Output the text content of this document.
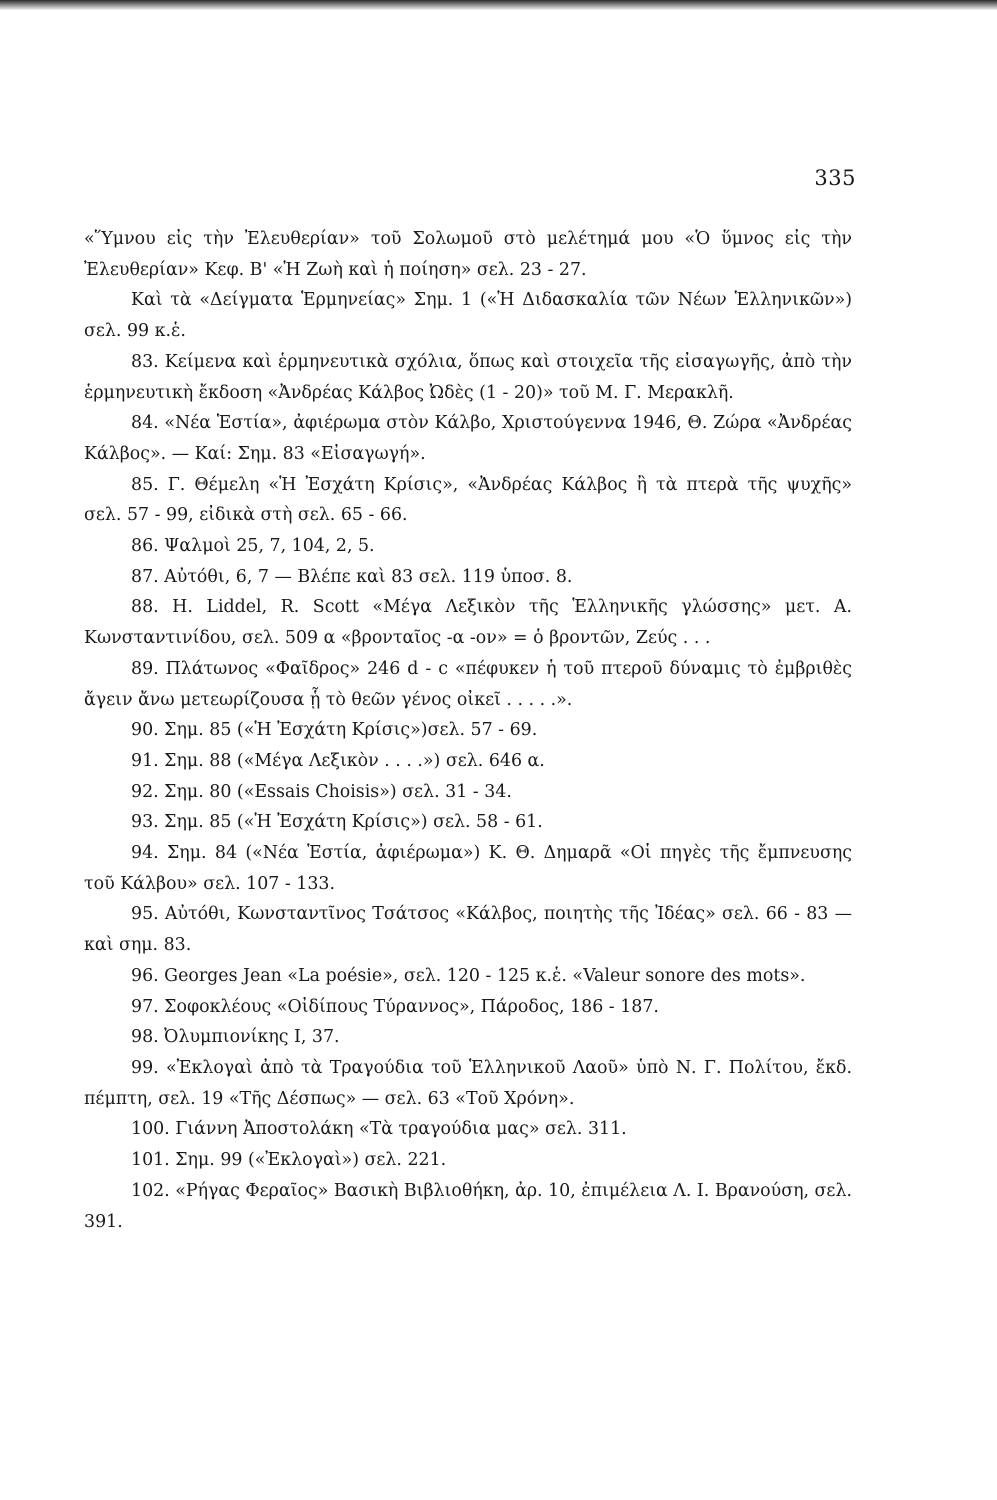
335

«Ὕμνου εἰς τὴν Ἐλευθερίαν» τοῦ Σολωμοῦ στὸ μελέτημά μου «Ὁ ὕμνος εἰς τὴν Ἐλευθερίαν» Κεφ. Β' «Ἡ Ζωὴ καὶ ἡ ποίηση» σελ. 23 - 27.

Καὶ τὰ «Δείγματα Ἑρμηνείας» Σημ. 1 («Ἡ Διδασκαλία τῶν Νέων Ἑλληνικῶν») σελ. 99 κ.ἑ.

83. Κείμενα καὶ ἑρμηνευτικὰ σχόλια, ὅπως καὶ στοιχεῖα τῆς εἰσαγωγῆς, ἀπὸ τὴν ἑρμηνευτικὴ ἔκδοση «Ἀνδρέας Κάλβος Ὠδὲς (1 - 20)» τοῦ Μ. Γ. Μερακλῆ.

84. «Νέα Ἑστία», ἀφιέρωμα στὸν Κάλβο, Χριστούγεννα 1946, Θ. Ζώρα «Ἀνδρέας Κάλβος». — Καί: Σημ. 83 «Εἰσαγωγή».

85. Γ. Θέμελη «Ἡ Ἐσχάτη Κρίσις», «Ἀνδρέας Κάλβος ἢ τὰ πτερὰ τῆς ψυχῆς» σελ. 57 - 99, εἰδικὰ στὴ σελ. 65 - 66.

86. Ψαλμοὶ 25, 7, 104, 2, 5.

87. Αὐτόθι, 6, 7 — Βλέπε καὶ 83 σελ. 119 ὑποσ. 8.

88. H. Liddel, R. Scott «Μέγα Λεξικὸν τῆς Ἑλληνικῆς γλώσσης» μετ. Α. Κωνσταντινίδου, σελ. 509 α «βρονταῖος -α -ον» = ὁ βροντῶν, Ζεύς . . .

89. Πλάτωνος «Φαῖδρος» 246 d - c «πέφυκεν ἡ τοῦ πτεροῦ δύναμις τὸ ἐμβριθὲς ἄγειν ἄνω μετεωρίζουσα ᾗ τὸ θεῶν γένος οἰκεῖ . . . . .».

90. Σημ. 85 («Ἡ Ἐσχάτη Κρίσις»)σελ. 57 - 69.

91. Σημ. 88 («Μέγα Λεξικὸν . . . .») σελ. 646 α.

92. Σημ. 80 («Essais Choisis») σελ. 31 - 34.

93. Σημ. 85 («Ἡ Ἐσχάτη Κρίσις») σελ. 58 - 61.

94. Σημ. 84 («Νέα Ἑστία, ἀφιέρωμα») Κ. Θ. Δημαρᾶ «Οἱ πηγὲς τῆς ἔμπνευσης τοῦ Κάλβου» σελ. 107 - 133.

95. Αὐτόθι, Κωνσταντῖνος Τσάτσος «Κάλβος, ποιητὴς τῆς Ἰδέας» σελ. 66 - 83 — καὶ σημ. 83.

96. Georges Jean «La poésie», σελ. 120 - 125 κ.ἑ. «Valeur sonore des mots».

97. Σοφοκλέους «Οἰδίπους Τύραννος», Πάροδος, 186 - 187.

98. Ὀλυμπιονίκης Ι, 37.

99. «Ἐκλογαὶ ἀπὸ τὰ Τραγούδια τοῦ Ἑλληνικοῦ Λαοῦ» ὑπὸ Ν. Γ. Πολίτου, ἔκδ. πέμπτη, σελ. 19 «Τῆς Δέσπως» — σελ. 63 «Τοῦ Χρόνη».

100. Γιάννη Ἀποστολάκη «Τὰ τραγούδια μας» σελ. 311.

101. Σημ. 99 («Ἐκλογαὶ») σελ. 221.

102. «Ρήγας Φεραῖος» Βασικὴ Βιβλιοθήκη, ἀρ. 10, ἐπιμέλεια Λ. Ι. Βρανούση, σελ. 391.
